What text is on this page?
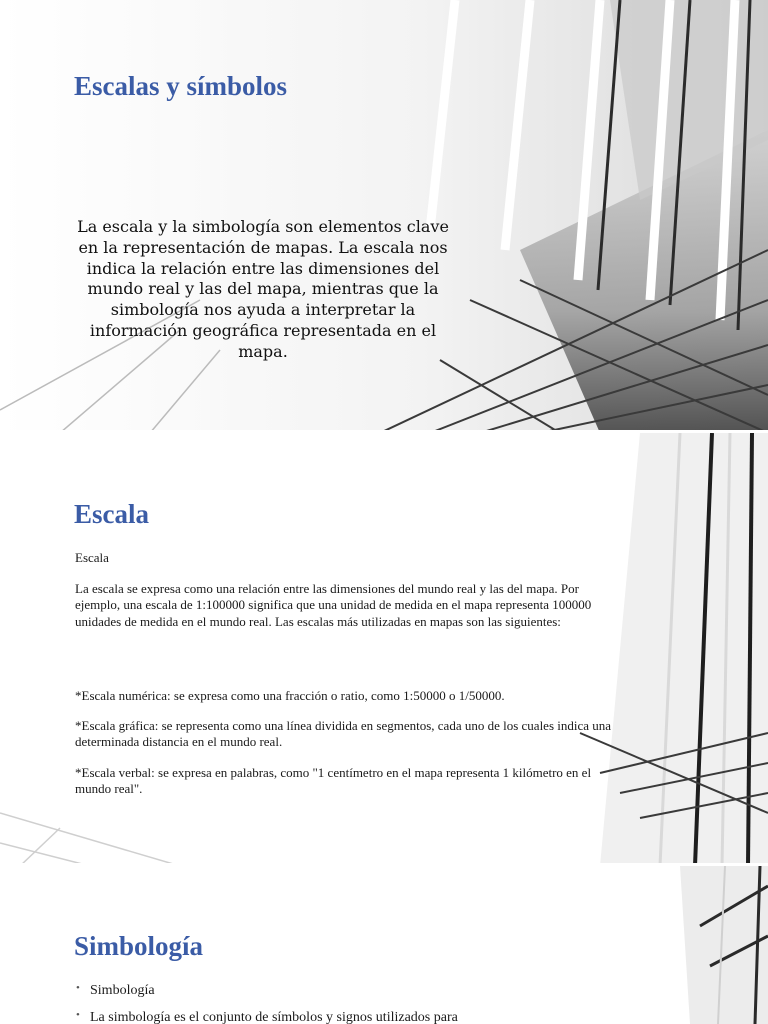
Escalas y símbolos

La escala y la simbología son elementos clave en la representación de mapas. La escala nos indica la relación entre las dimensiones del mundo real y las del mapa, mientras que la simbología nos ayuda a interpretar la información geográfica representada en el mapa.

Escala

Escala

La escala se expresa como una relación entre las dimensiones del mundo real y las del mapa. Por ejemplo, una escala de 1:100000 significa que una unidad de medida en el mapa representa 100000 unidades de medida en el mundo real. Las escalas más utilizadas en mapas son las siguientes:

*Escala numérica: se expresa como una fracción o ratio, como 1:50000 o 1/50000.

*Escala gráfica: se representa como una línea dividida en segmentos, cada uno de los cuales indica una determinada distancia en el mundo real.

*Escala verbal: se expresa en palabras, como "1 centímetro en el mapa representa 1 kilómetro en el mundo real".

Simbología
• Simbología
• La simbología es el conjunto de símbolos y signos utilizados para
